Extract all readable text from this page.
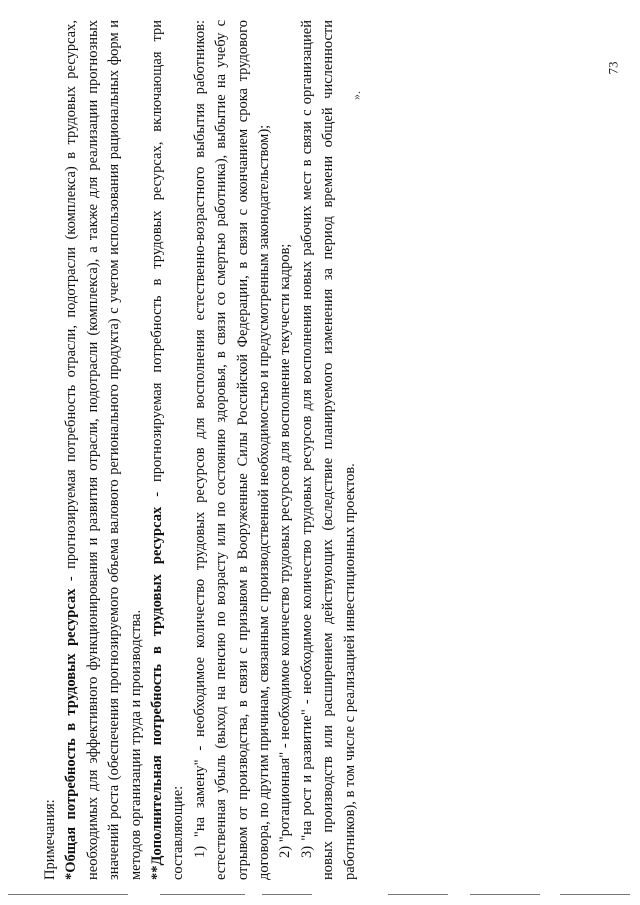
Примечания: *Общая потребность в трудовых ресурсах - прогнозируемая потребность отрасли, подотрасли (комплекса) в трудовых ресурсах, необходимых для эффективного функционирования и развития отрасли, подотрасли (комплекса), а также для реализации прогнозных значений роста (обеспечения прогнозируемого объема валового регионального продукта) с учетом использования рациональных форм и методов организации труда и производства. **Дополнительная потребность в трудовых ресурсах - прогнозируемая потребность в трудовых ресурсах, включающая три составляющие: 1) "на замену" - необходимое количество трудовых ресурсов для восполнения естественно-возрастного выбытия работников: естественная убыль (выход на пенсию по возрасту или по состоянию здоровья, в связи со смертью работника), выбытие на учебу с отрывом от производства, в связи с призывом в Вооруженные Силы Российской Федерации, в связи с окончанием срока трудового договора, по другим причинам, связанным с производственной необходимостью и предусмотренным законодательством); 2) "ротационная" - необходимое количество трудовых ресурсов для восполнение текучести кадров; 3) "на рост и развитие" - необходимое количество трудовых ресурсов для восполнения новых рабочих мест в связи с организацией новых производств или расширением действующих (вследствие планируемого изменения за период времени общей численности работников), в том числе с реализацией инвестиционных проектов.

».
73
